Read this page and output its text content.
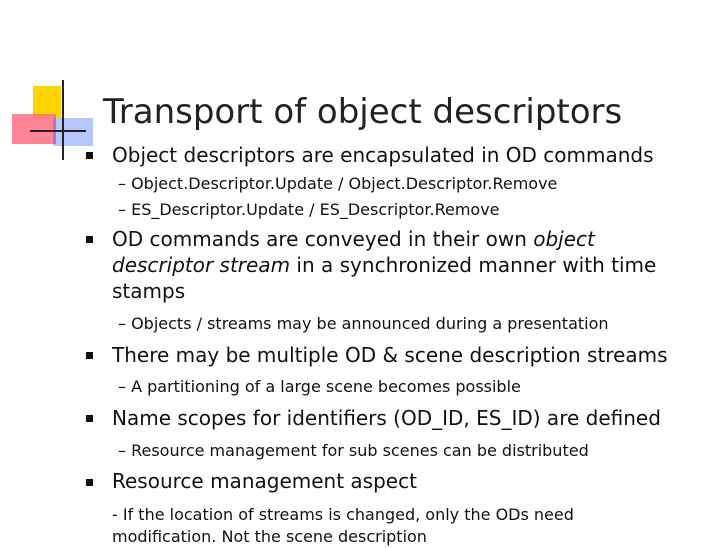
Transport of object descriptors
Object descriptors are encapsulated in OD commands
– Object.Descriptor.Update / Object.Descriptor.Remove
– ES_Descriptor.Update / ES_Descriptor.Remove
OD commands are conveyed in their own object
descriptor stream in a synchronized manner with time
stamps
– Objects / streams may be announced during a presentation
There may be multiple OD & scene description streams
– A partitioning of a large scene becomes possible
Name scopes for identifiers (OD_ID, ES_ID) are defined
– Resource management for sub scenes can be distributed
Resource management aspect
- If the location of streams is changed, only the ODs need
modification. Not the scene description
